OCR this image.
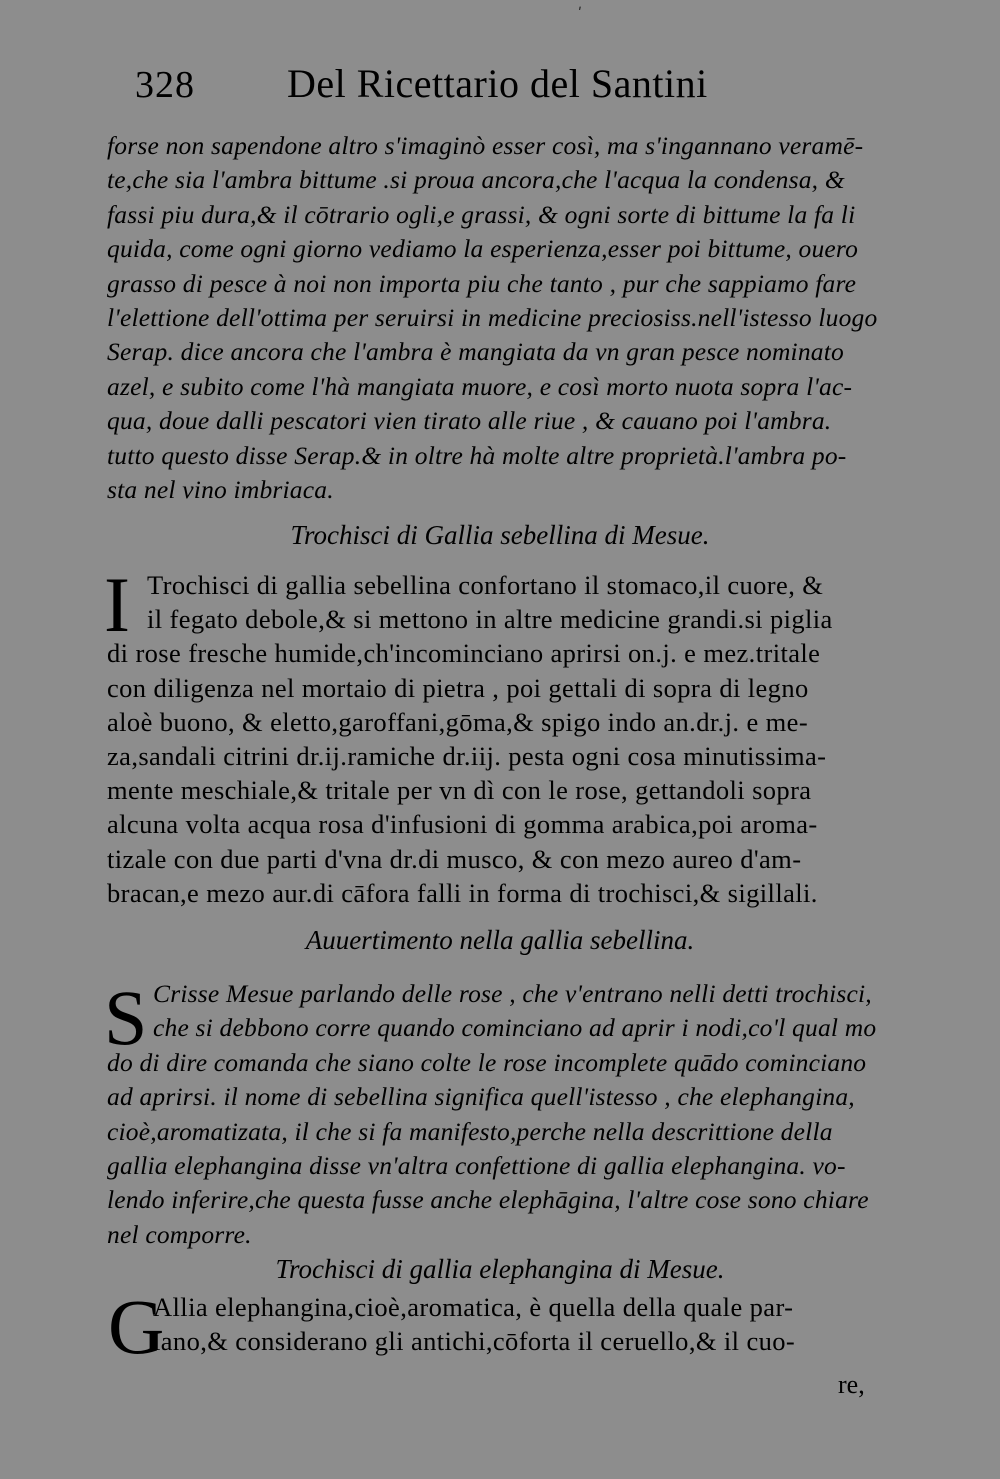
328	Del Ricettario del Santini
forse non sapendone altro s'imaginò esser così, ma s'ingannano veramē-
te,che sia l'ambra bittume .si proua ancora,che l'acqua la condensa, &
fassi piu dura,& il cōtrario ogli,e grassi, & ogni sorte di bittume la fa li
quida, come ogni giorno vediamo la esperienza,esser poi bittume, ouero
grasso di pesce à noi non importa piu che tanto , pur che sappiamo fare
l'elettione dell'ottima per seruirsi in medicine preciosiss.nell'istesso luogo
Serap. dice ancora che l'ambra è mangiata da vn gran pesce nominato
azel, e subito come l'hà mangiata muore, e così morto nuota sopra l'ac-
qua, doue dalli pescatori vien tirato alle riue , & cauano poi l'ambra.
tutto questo disse Serap.& in oltre hà molte altre proprietà.l'ambra po-
sta nel vino imbriaca.
Trochisci di Gallia sebellina di Mesue.
I Trochisci di gallia sebellina confortano il stomaco,il cuore, &
il fegato debole,& si mettono in altre medicine grandi.si piglia
di rose fresche humide,ch'incominciano aprirsi on.j. e mez.tritale
con diligenza nel mortaio di pietra , poi gettali di sopra di legno
aloè buono, & eletto,garoffani,gōma,& spigo indo an.dr.j. e me-
za,sandali citrini dr.ij.ramiche dr.iij. pesta ogni cosa minutissima-
mente meschiale,& tritale per vn dì con le rose, gettandoli sopra
alcuna volta acqua rosa d'infusioni di gomma arabica,poi aroma-
tizale con due parti d'vna dr.di musco, & con mezo aureo d'am-
bracan,e mezo aur.di cāfora falli in forma di trochisci,& sigillali.
Auuertimento nella gallia sebellina.
S Crisse Mesue parlando delle rose , che v'entrano nelli detti trochisci,
che si debbono corre quando cominciano ad aprir i nodi,co'l qual mo
do di dire comanda che siano colte le rose incomplete quādo cominciano
ad aprirsi. il nome di sebellina significa quell'istesso , che elephangina,
cioè,aromatizata, il che si fa manifesto,perche nella descrittione della
gallia elephangina disse vn'altra confettione di gallia elephangina. vo-
lendo inferire,che questa fusse anche elephāgina, l'altre cose sono chiare
nel comporre.
Trochisci di gallia elephangina di Mesue.
G
Allia elephangina,cioè,aromatica, è quella della quale par-
lano,& considerano gli antichi,cōforta il ceruello,& il cuo-
re,
ʹ
